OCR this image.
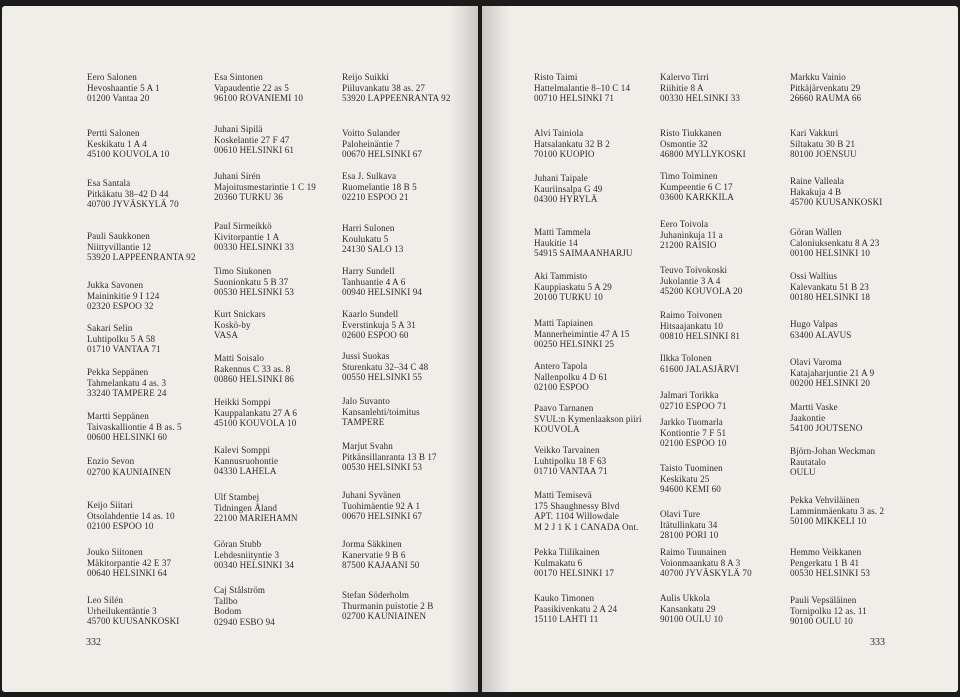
Eero Salonen
Hevoshaantie 5 A 1
01200 Vantaa 20
Pertti Salonen
Keskikatu 1 A 4
45100 KOUVOLA 10
Esa Santala
Pitkäkatu 38–42 D 44
40700 JYVÄSKYLÄ 70
Pauli Saukkonen
Niittyvillantie 12
53920 LAPPEENRANTA 92
Jukka Savonen
Maininkitie 9 I 124
02320 ESPOO 32
Sakari Selin
Luhtipolku 5 A 58
01710 VANTAA 71
Pekka Seppänen
Tahmelankatu 4 as. 3
33240 TAMPERE 24
Martti Seppänen
Taivaskalliontie 4 B as. 5
00600 HELSINKI 60
Enzio Sevon
02700 KAUNIAINEN
Keijo Siitari
Otsolahdentie 14 as. 10
02100 ESPOO 10
Jouko Siitonen
Mäkitorpantie 42 E 37
00640 HELSINKI 64
Leo Silén
Urheilukentäntie 3
45700 KUUSANKOSKI
Esa Sintonen
Vapaudentie 22 as 5
96100 ROVANIEMI 10
Juhani Sipilä
Koskelantie 27 F 47
00610 HELSINKI 61
Juhani Sirén
Majoitusmestarintie 1 C 19
20360 TURKU 36
Paul Sirmeikkö
Kivitorpantie 1 A
00330 HELSINKI 33
Timo Siukonen
Suonionkatu 5 B 37
00530 HELSINKI 53
Kurt Snickars
Koskö-by
VASA
Matti Soisalo
Rakennus C 33 as. 8
00860 HELSINKI 86
Heikki Somppi
Kauppalankatu 27 A 6
45100 KOUVOLA 10
Kalevi Somppi
Kannusruohontie
04330 LAHELA
Ulf Stambej
Tidningen Åland
22100 MARIEHAMN
Göran Stubb
Lehdesniityntie 3
00340 HELSINKI 34
Caj Stålström
Tallbo
Bodom
02940 ESBO 94
Reijo Suikki
Piiluvankatu 38 as. 27
53920 LAPPEENRANTA 92
Voitto Sulander
Paloheinäntie 7
00670 HELSINKI 67
Esa J. Sulkava
Ruomelantie 18 B 5
02210 ESPOO 21
Harri Sulonen
Koulukatu 5
24130 SALO 13
Harry Sundell
Tanhuantie 4 A 6
00940 HELSINKI 94
Kaarlo Sundell
Everstinkuja 5 A 31
02600 ESPOO 60
Jussi Suokas
Sturenkatu 32–34 C 48
00550 HELSINKI 55
Jalo Suvanto
Kansanlehti/toimitus
TAMPERE
Marjut Svahn
Pitkänsillanranta 13 B 17
00530 HELSINKI 53
Juhani Syvänen
Tuohimäentie 92 A 1
00670 HELSINKI 67
Jorma Säkkinen
Kanervatie 9 B 6
87500 KAJAANI 50
Stefan Söderholm
Thurmanin puistotie 2 B
02700 KAUNIAINEN
332
Risto Taimi
Hattelmalantie 8–10 C 14
00710 HELSINKI 71
Alvi Tainiola
Hatsalankatu 32 B 2
70100 KUOPIO
Juhani Taipale
Kauriinsalpa G 49
04300 HYRYLÄ
Matti Tammela
Haukitie 14
54915 SAIMAANHARJU
Aki Tammisto
Kauppiaskatu 5 A 29
20100 TURKU 10
Matti Tapiainen
Mannerheimintie 47 A 15
00250 HELSINKI 25
Antero Tapola
Nallenpolku 4 D 61
02100 ESPOO
Paavo Tarnanen
SVUL:n Kymenlaakson piiri
KOUVOLA
Veikko Tarvainen
Luhtipolku 18 F 63
01710 VANTAA 71
Matti Temisevä
175 Shaughnessy Blvd
APT. 1104 Willowdale
M 2 J 1 K 1 CANADA Ont.
Pekka Tiilikainen
Kulmakatu 6
00170 HELSINKI 17
Kauko Timonen
Paasikivenkatu 2 A 24
15110 LAHTI 11
Kalervo Tirri
Riihitie 8 A
00330 HELSINKI 33
Risto Tiukkanen
Osmontie 32
46800 MYLLYKOSKI
Timo Toiminen
Kumpeentie 6 C 17
03600 KARKKILA
Eero Toivola
Juhaninkuja 11 a
21200 RAISIO
Teuvo Toivokoski
Jukolantie 3 A 4
45200 KOUVOLA 20
Raimo Toivonen
Hitsaajankatu 10
00810 HELSINKI 81
Ilkka Tolonen
61600 JALASJÄRVI
Jalmari Torikka
02710 ESPOO 71
Jarkko Tuomarla
Kontiontie 7 F 51
02100 ESPOO 10
Taisto Tuominen
Keskikatu 25
94600 KEMI 60
Olavi Ture
Itätullinkatu 34
28100 PORI 10
Raimo Tuunainen
Voionmaankatu 8 A 3
40700 JYVÄSKYLÄ 70
Aulis Ukkola
Kansankatu 29
90100 OULU 10
Markku Vainio
Pitkäjärvenkatu 29
26660 RAUMA 66
Kari Vakkuri
Siltakatu 30 B 21
80100 JOENSUU
Raine Valleala
Hakakuja 4 B
45700 KUUSANKOSKI
Göran Wallen
Caloniuksenkatu 8 A 23
00100 HELSINKI 10
Ossi Wallius
Kalevankatu 51 B 23
00180 HELSINKI 18
Hugo Valpas
63400 ALAVUS
Olavi Varoma
Katajaharjuntie 21 A 9
00200 HELSINKI 20
Martti Vaske
Jaakontie
54100 JOUTSENO
Björn-Johan Weckman
Rautatalo
OULU
Pekka Vehviläinen
Lamminmäenkatu 3 as. 2
50100 MIKKELI 10
Hemmo Veikkanen
Pengerkatu 1 B 41
00530 HELSINKI 53
Pauli Vepsäläinen
Tornipolku 12 as. 11
90100 OULU 10
333
